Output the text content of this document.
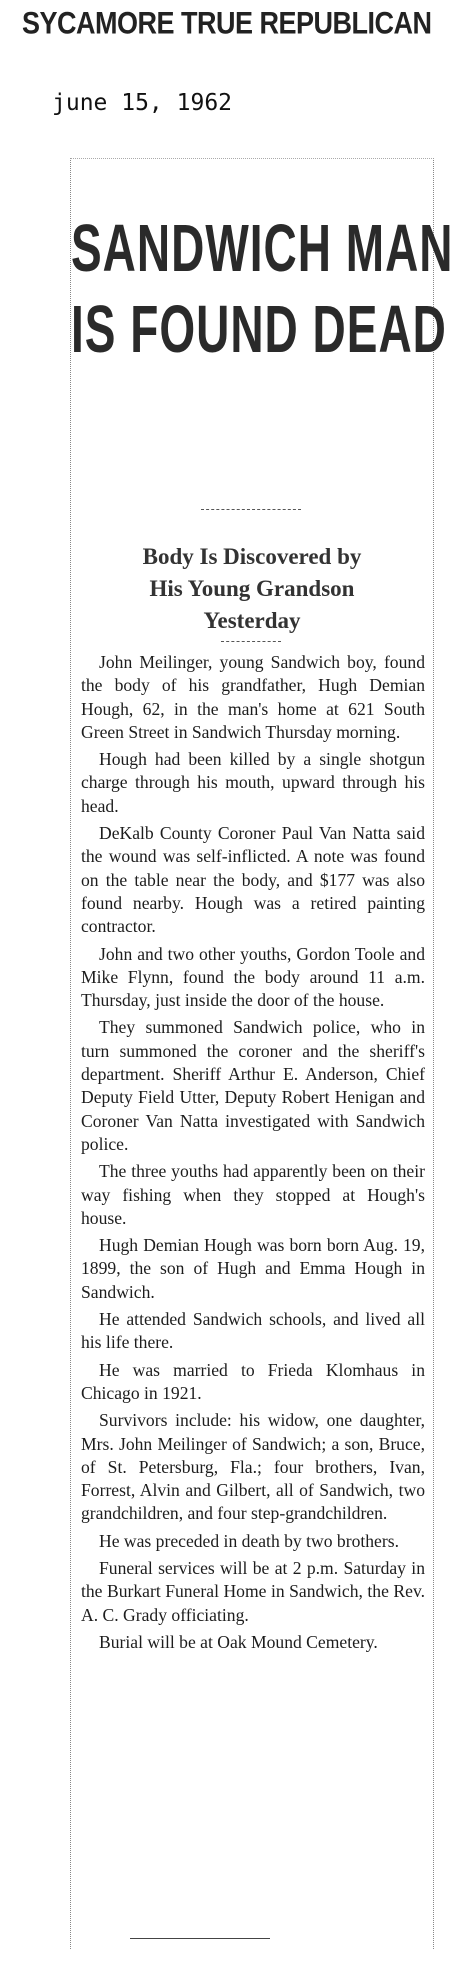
SYCAMORE TRUE REPUBLICAN
june 15, 1962
SANDWICH MAN
IS FOUND DEAD
Body Is Discovered by
His Young Grandson
Yesterday

John Meilinger, young Sandwich boy, found the body of his grandfather, Hugh Demian Hough, 62, in the man's home at 621 South Green Street in Sandwich Thursday morning.

Hough had been killed by a single shotgun charge through his mouth, upward through his head.

DeKalb County Coroner Paul Van Natta said the wound was self-inflicted. A note was found on the table near the body, and $177 was also found nearby. Hough was a retired painting contractor.

John and two other youths, Gordon Toole and Mike Flynn, found the body around 11 a.m. Thursday, just inside the door of the house.

They summoned Sandwich police, who in turn summoned the coroner and the sheriff's department. Sheriff Arthur E. Anderson, Chief Deputy Field Utter, Deputy Robert Henigan and Coroner Van Natta investigated with Sandwich police.

The three youths had apparently been on their way fishing when they stopped at Hough's house.

Hugh Demian Hough was born born Aug. 19, 1899, the son of Hugh and Emma Hough in Sandwich.

He attended Sandwich schools, and lived all his life there.

He was married to Frieda Klomhaus in Chicago in 1921.

Survivors include: his widow, one daughter, Mrs. John Meilinger of Sandwich; a son, Bruce, of St. Petersburg, Fla.; four brothers, Ivan, Forrest, Alvin and Gilbert, all of Sandwich, two grandchildren, and four step-grandchildren.

He was preceded in death by two brothers.

Funeral services will be at 2 p.m. Saturday in the Burkart Funeral Home in Sandwich, the Rev. A. C. Grady officiating.

Burial will be at Oak Mound Cemetery.
